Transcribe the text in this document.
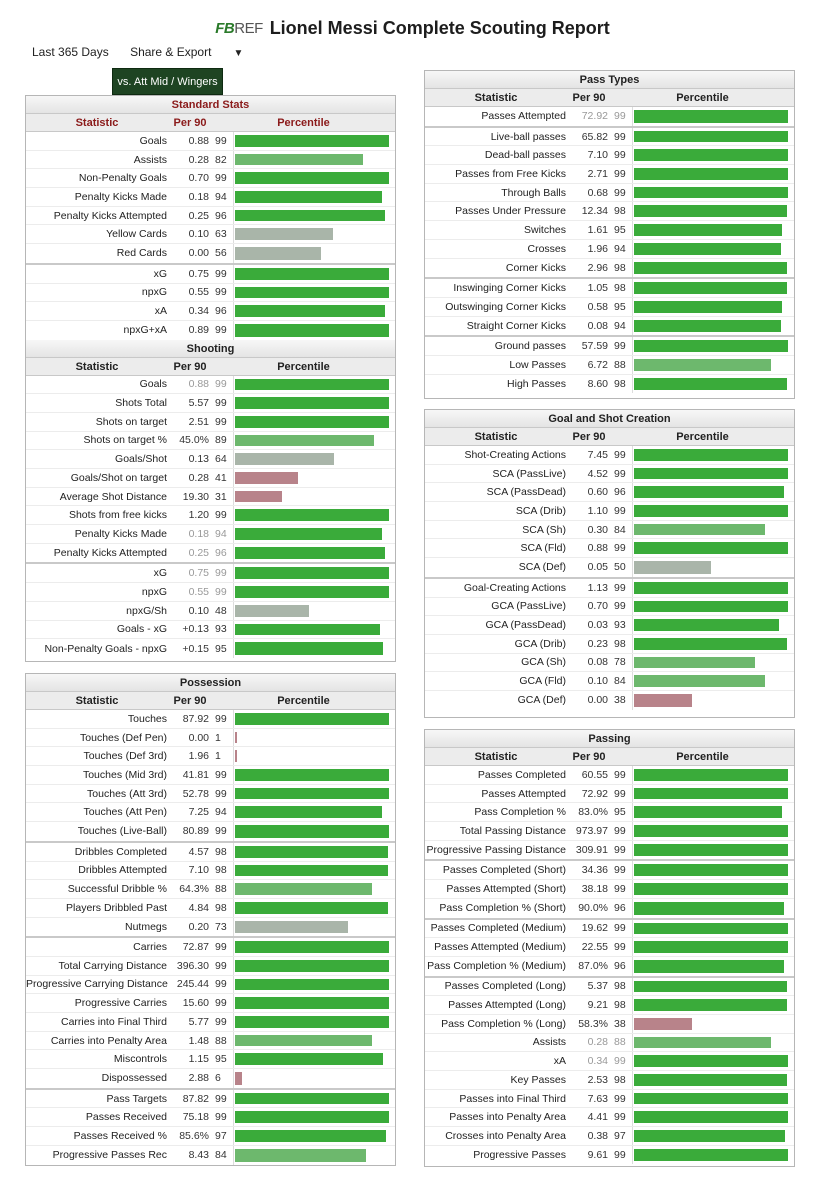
FBREF Lionel Messi Complete Scouting Report
Last 365 Days Share & Export ▼
vs. Att Mid / Wingers
Standard Stats
Statistic	Per 90	Percentile
Goals	0.88 99
Assists	0.28 82
Non-Penalty Goals	0.70 99
Penalty Kicks Made	0.18 94
Penalty Kicks Attempted	0.25 96
Yellow Cards	0.10 63
Red Cards	0.00 56
xG	0.75 99
npxG	0.55 99
xA	0.34 96
npxG+xA	0.89 99
Shooting
Statistic	Per 90	Percentile
Goals	0.88 99
Shots Total	5.57 99
Shots on target	2.51 99
Shots on target %	45.0% 89
Goals/Shot	0.13 64
Goals/Shot on target	0.28 41
Average Shot Distance	19.30 31
Shots from free kicks	1.20 99
Penalty Kicks Made	0.18 94
Penalty Kicks Attempted	0.25 96
xG	0.75 99
npxG	0.55 99
npxG/Sh	0.10 48
Goals - xG	+0.13 93
Non-Penalty Goals - npxG	+0.15 95
Possession
Statistic	Per 90	Percentile
Touches	87.92 99
Touches (Def Pen)	0.00 1
Touches (Def 3rd)	1.96 1
Touches (Mid 3rd)	41.81 99
Touches (Att 3rd)	52.78 99
Touches (Att Pen)	7.25 94
Touches (Live-Ball)	80.89 99
Dribbles Completed	4.57 98
Dribbles Attempted	7.10 98
Successful Dribble %	64.3% 88
Players Dribbled Past	4.84 98
Nutmegs	0.20 73
Carries	72.87 99
Total Carrying Distance 396.30 99
Progressive Carrying Distance 245.44 99
Progressive Carries	15.60 99
Carries into Final Third	5.77 99
Carries into Penalty Area	1.48 88
Miscontrols	1.15 95
Dispossessed	2.88 6
Pass Targets	87.82 99
Passes Received	75.18 99
Passes Received %	85.6% 97
Progressive Passes Rec	8.43 84
Pass Types
Statistic	Per 90	Percentile
Passes Attempted	72.92 99
Live-ball passes	65.82 99
Dead-ball passes	7.10 99
Passes from Free Kicks	2.71 99
Through Balls	0.68 99
Passes Under Pressure	12.34 98
Switches	1.61 95
Crosses	1.96 94
Corner Kicks	2.96 98
Inswinging Corner Kicks	1.05 98
Outswinging Corner Kicks	0.58 95
Straight Corner Kicks	0.08 94
Ground passes	57.59 99
Low Passes	6.72 88
High Passes	8.60 98
Goal and Shot Creation
Statistic	Per 90	Percentile
Shot-Creating Actions	7.45 99
SCA (PassLive)	4.52 99
SCA (PassDead)	0.60 96
SCA (Drib)	1.10 99
SCA (Sh)	0.30 84
SCA (Fld)	0.88 99
SCA (Def)	0.05 50
Goal-Creating Actions	1.13 99
GCA (PassLive)	0.70 99
GCA (PassDead)	0.03 93
GCA (Drib)	0.23 98
GCA (Sh)	0.08 78
GCA (Fld)	0.10 84
GCA (Def)	0.00 38
Passing
Statistic	Per 90	Percentile
Passes Completed	60.55 99
Passes Attempted	72.92 99
Pass Completion %	83.0% 95
Total Passing Distance 973.97 99
Progressive Passing Distance 309.91 99
Passes Completed (Short)	34.36 99
Passes Attempted (Short)	38.18 99
Pass Completion % (Short)	90.0% 96
Passes Completed (Medium)	19.62 99
Passes Attempted (Medium)	22.55 99
Pass Completion % (Medium)	87.0% 96
Passes Completed (Long)	5.37 98
Passes Attempted (Long)	9.21 98
Pass Completion % (Long)	58.3% 38
Assists	0.28 88
xA	0.34 99
Key Passes	2.53 98
Passes into Final Third	7.63 99
Passes into Penalty Area	4.41 99
Crosses into Penalty Area	0.38 97
Progressive Passes	9.61 99
